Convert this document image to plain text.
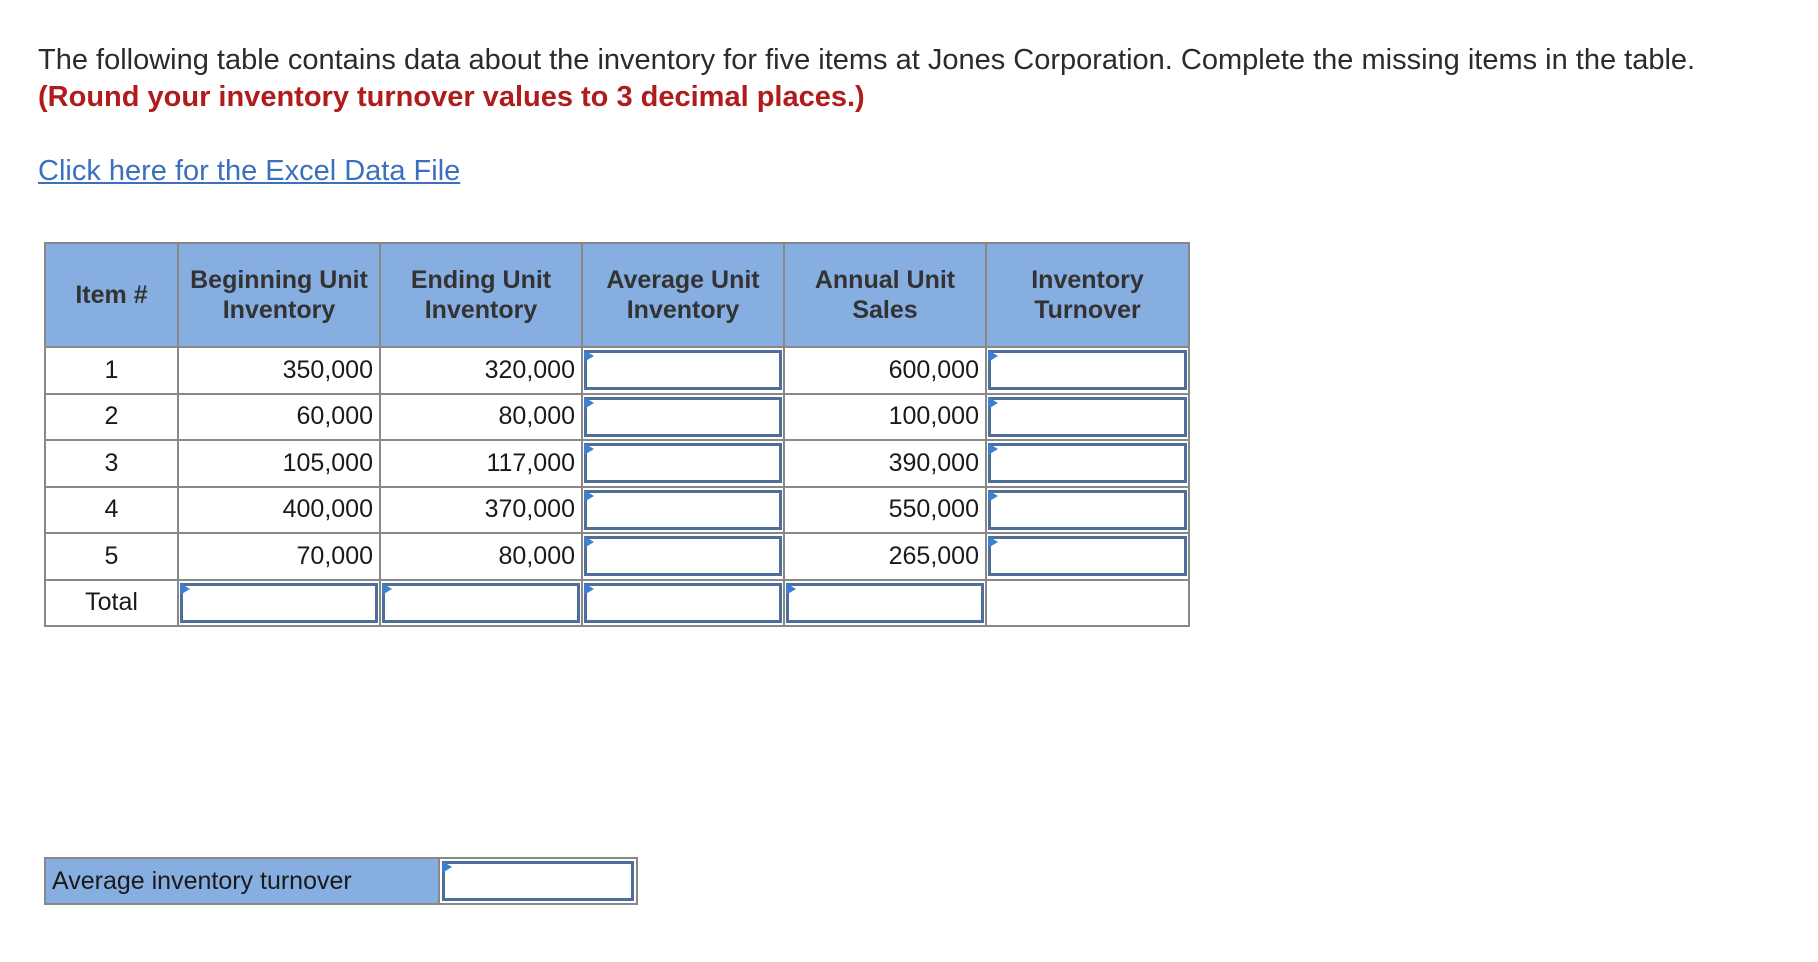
The following table contains data about the inventory for five items at Jones Corporation. Complete the missing items in the table. (Round your inventory turnover values to 3 decimal places.)
Click here for the Excel Data File
Item #	Beginning Unit Inventory	Ending Unit Inventory	Average Unit Inventory	Annual Unit Sales	Inventory Turnover
1	350,000	320,000		600,000	

2	60,000	80,000		100,000	

3	105,000	117,000		390,000	

4	400,000	370,000		550,000	

5	70,000	80,000		265,000	

Total	

Average inventory turnover
